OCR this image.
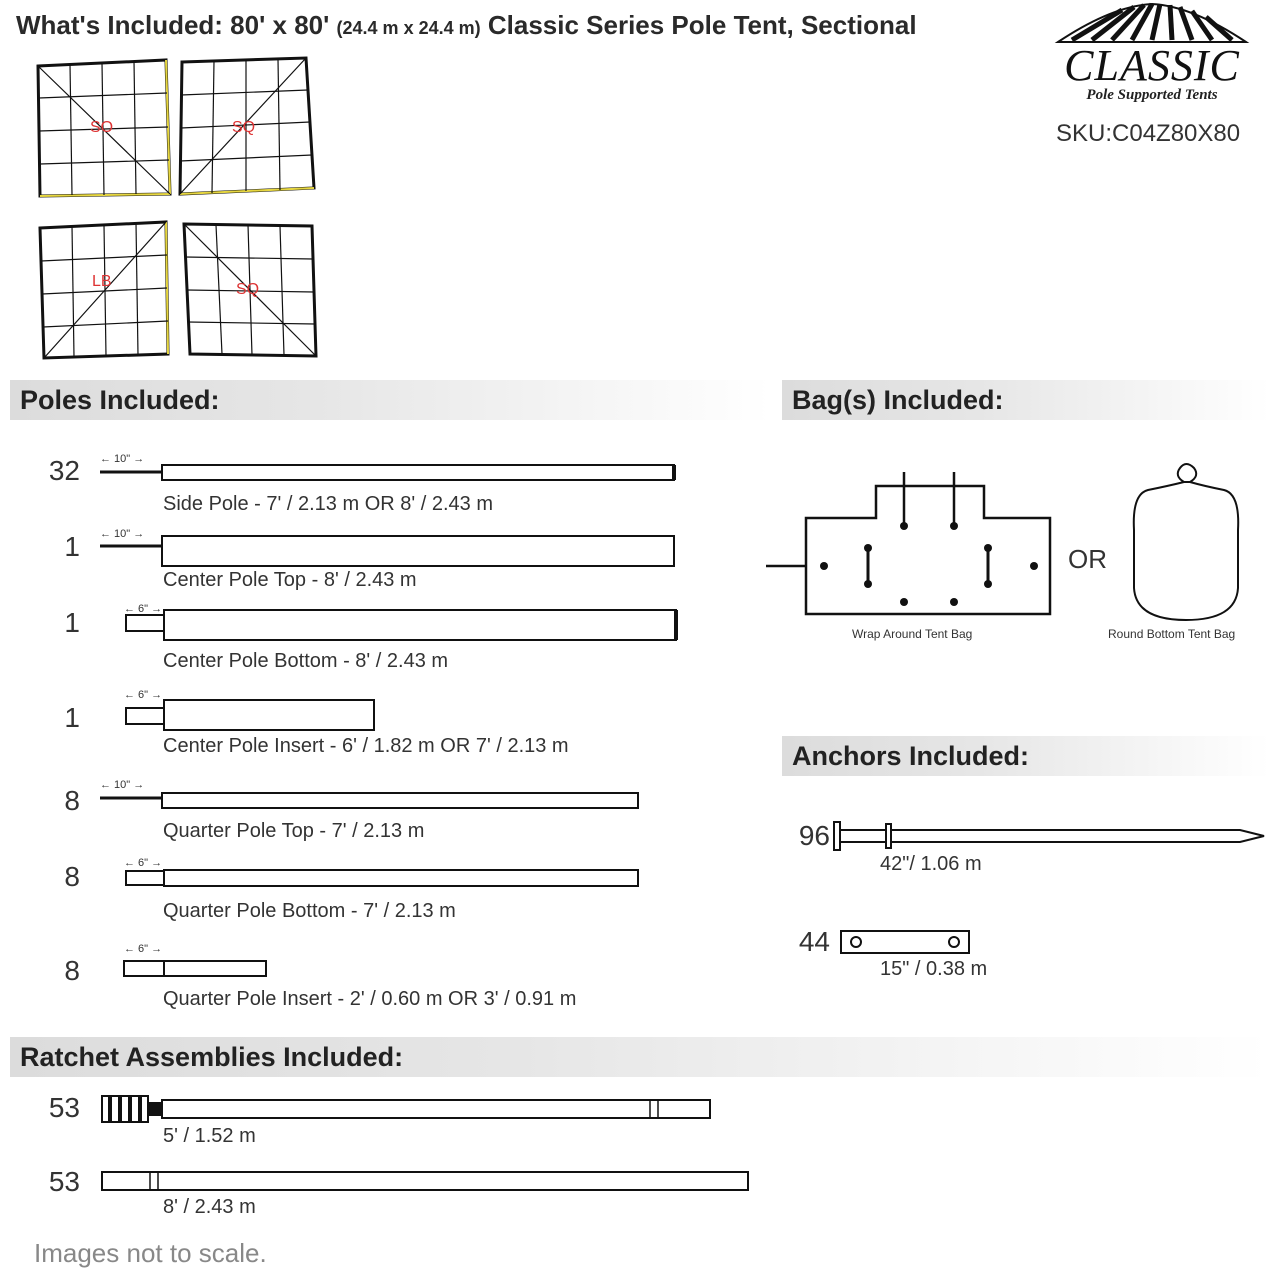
What's Included: 80' x 80' (24.4 m x 24.4 m) Classic Series Pole Tent, Sectional
CLASSIC
Pole Supported Tents
SKU:C04Z80X80
SO	SQ
LB	SQ
Poles Included:
32 ← 10" →
Side Pole - 7' / 2.13 m OR 8' / 2.43 m
1 ← 10" →
Center Pole Top - 8' / 2.43 m
1	← 6" →
Center Pole Bottom - 8' / 2.43 m
1
← 6" →
Center Pole Insert - 6' / 1.82 m OR 7' / 2.13 m
8 ← 10" →
Quarter Pole Top - 7' / 2.13 m
8	← 6" →
Quarter Pole Bottom - 7' / 2.13 m
8
← 6" →
Quarter Pole Insert - 2' / 0.60 m OR 3' / 0.91 m
Bag(s) Included:
Wrap Around Tent Bag
OR
Round Bottom Tent Bag
Anchors Included:
96
42"/ 1.06 m
44
15" / 0.38 m
Ratchet Assemblies Included:
53
5' / 1.52 m
53
8' / 2.43 m
Images not to scale.
